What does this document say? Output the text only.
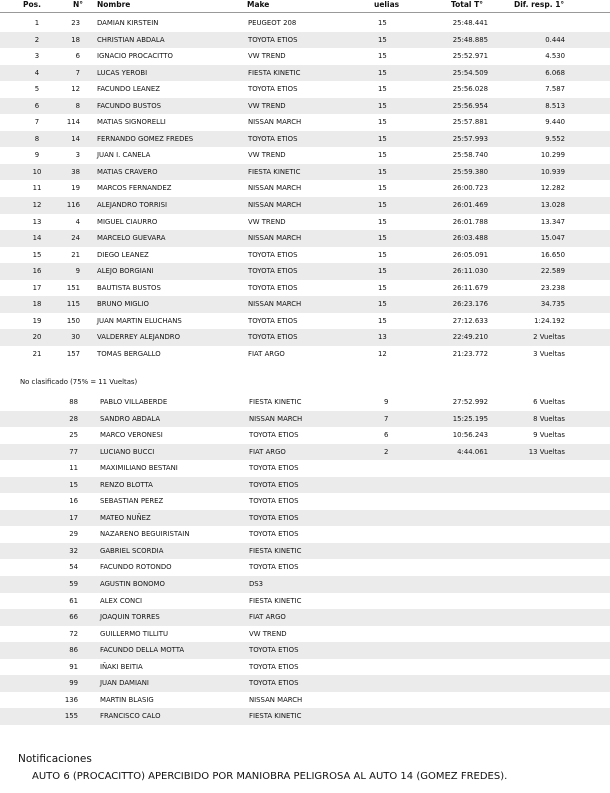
Pos.	N° Nombre	Make	uelias	Total T°	Dif. resp. 1°
1	23 DAMIAN KIRSTEIN	PEUGEOT 208	15	25:48.441
2	18 CHRISTIAN ABDALA	TOYOTA ETIOS	15	25:48.885	0.444
3	6 IGNACIO PROCACITTO	VW TREND	15	25:52.971	4.530
4	7 LUCAS YEROBI	FIESTA KINETIC	15	25:54.509	6.068
5	12 FACUNDO LEANEZ	TOYOTA ETIOS	15	25:56.028	7.587
6	8 FACUNDO BUSTOS	VW TREND	15	25:56.954	8.513
7	114 MATIAS SIGNORELLI	NISSAN MARCH	15	25:57.881	9.440
8	14 FERNANDO GOMEZ FREDES	TOYOTA ETIOS	15	25:57.993	9.552
9	3 JUAN I. CANELA	VW TREND	15	25:58.740	10.299
10	38 MATIAS CRAVERO	FIESTA KINETIC	15	25:59.380	10.939
11	19 MARCOS FERNANDEZ	NISSAN MARCH	15	26:00.723	12.282
12	116 ALEJANDRO TORRISI	NISSAN MARCH	15	26:01.469	13.028
13	4 MIGUEL CIAURRO	VW TREND	15	26:01.788	13.347
14	24 MARCELO GUEVARA	NISSAN MARCH	15	26:03.488	15.047
15	21 DIEGO LEANEZ	TOYOTA ETIOS	15	26:05.091	16.650
16	9 ALEJO BORGIANI	TOYOTA ETIOS	15	26:11.030	22.589
17	151 BAUTISTA BUSTOS	TOYOTA ETIOS	15	26:11.679	23.238
18	115 BRUNO MIGLIO	NISSAN MARCH	15	26:23.176	34.735
19	150 JUAN MARTIN ELUCHANS	TOYOTA ETIOS	15	27:12.633	1:24.192
20	30 VALDERREY ALEJANDRO	TOYOTA ETIOS	13	22:49.210	2 Vueltas
21	157 TOMAS BERGALLO	FIAT ARGO	12	21:23.772	3 Vueltas
No clasificado (75% = 11 Vueltas)
88	PABLO VILLABERDE	FIESTA KINETIC	9	27:52.992	6 Vueltas
28	SANDRO ABDALA	NISSAN MARCH	7	15:25.195	8 Vueltas
25	MARCO VERONESI	TOYOTA ETIOS	6	10:56.243	9 Vueltas
77	LUCIANO BUCCI	FIAT ARGO	2	4:44.061	13 Vueltas
11	MAXIMILIANO BESTANI	TOYOTA ETIOS
15	RENZO BLOTTA	TOYOTA ETIOS
16	SEBASTIAN PEREZ	TOYOTA ETIOS
17	MATEO NUÑEZ	TOYOTA ETIOS
29	NAZARENO BEGUIRISTAIN	TOYOTA ETIOS
32	GABRIEL SCORDIA	FIESTA KINETIC
54	FACUNDO ROTONDO	TOYOTA ETIOS
59	AGUSTIN BONOMO	DS3
61	ALEX CONCI	FIESTA KINETIC
66	JOAQUIN TORRES	FIAT ARGO
72	GUILLERMO TILLITU	VW TREND
86	FACUNDO DELLA MOTTA	TOYOTA ETIOS
91	IÑAKI BEITIA	TOYOTA ETIOS
99	JUAN DAMIANI	TOYOTA ETIOS
136	MARTIN BLASIG	NISSAN MARCH
155	FRANCISCO CALO	FIESTA KINETIC
Notificaciones
AUTO 6 (PROCACITTO) APERCIBIDO POR MANIOBRA PELIGROSA AL AUTO 14 (GOMEZ FREDES).
